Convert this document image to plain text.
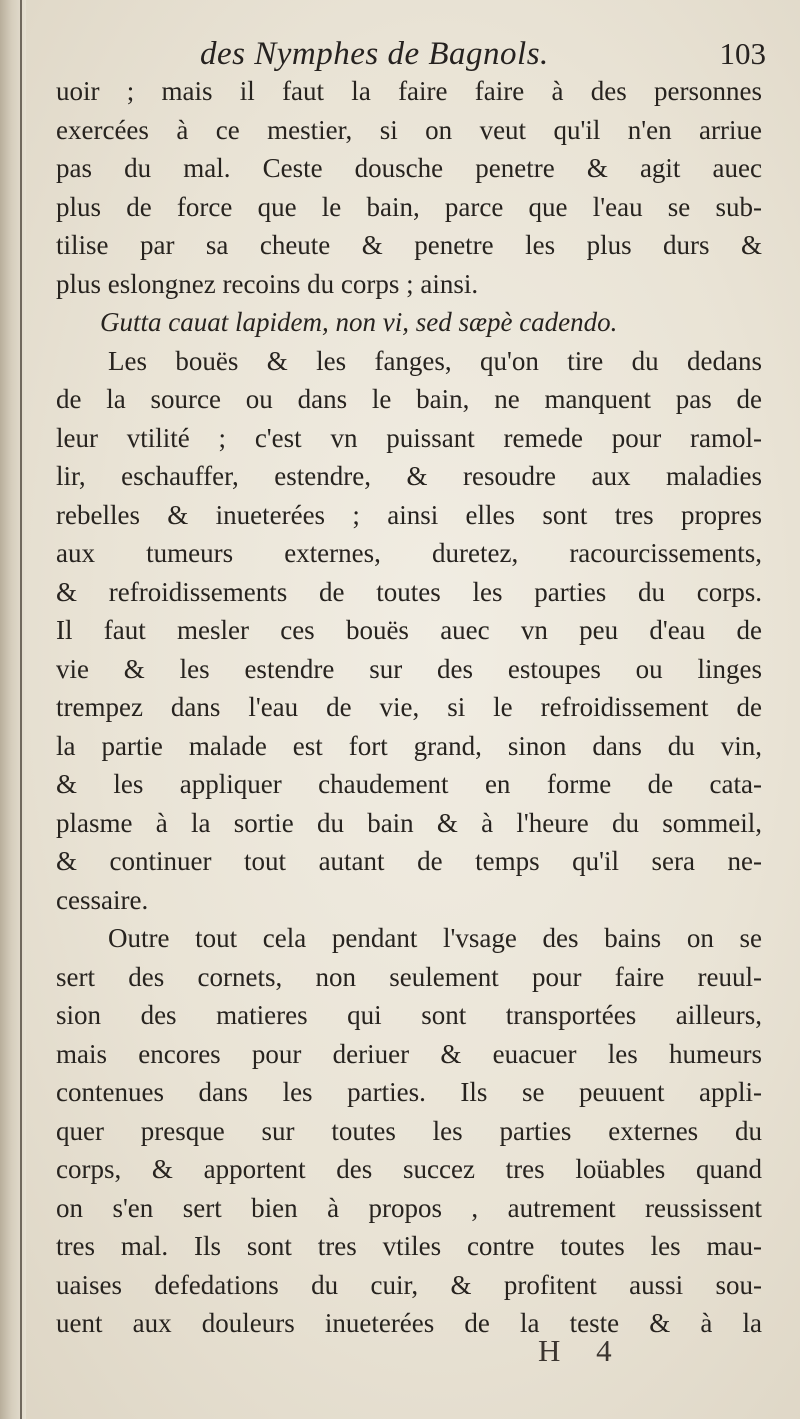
des Nymphes de Bagnols.	103
uoir ; mais il faut la faire faire à des personnes
exercées à ce mestier, si on veut qu'il n'en arriue
pas du mal. Ceste dousche penetre & agit auec
plus de force que le bain, parce que l'eau se sub-
tilise par sa cheute & penetre les plus durs &
plus eslongnez recoins du corps ; ainsi.
Gutta cauat lapidem, non vi, sed sæpè cadendo.
Les bouës & les fanges, qu'on tire du dedans
de la source ou dans le bain, ne manquent pas de
leur vtilité ; c'est vn puissant remede pour ramol-
lir, eschauffer, estendre, & resoudre aux maladies
rebelles & inueterées ; ainsi elles sont tres propres
aux tumeurs externes, duretez, racourcissements,
& refroidissements de toutes les parties du corps.
Il faut mesler ces bouës auec vn peu d'eau de
vie & les estendre sur des estoupes ou linges
trempez dans l'eau de vie, si le refroidissement de
la partie malade est fort grand, sinon dans du vin,
& les appliquer chaudement en forme de cata-
plasme à la sortie du bain & à l'heure du sommeil,
& continuer tout autant de temps qu'il sera ne-
cessaire.
Outre tout cela pendant l'vsage des bains on se
sert des cornets, non seulement pour faire reuul-
sion des matieres qui sont transportées ailleurs,
mais encores pour deriuer & euacuer les humeurs
contenues dans les parties. Ils se peuuent appli-
quer presque sur toutes les parties externes du
corps, & apportent des succez tres loüables quand
on s'en sert bien à propos , autrement reussissent
tres mal. Ils sont tres vtiles contre toutes les mau-
uaises defedations du cuir, & profitent aussi sou-
uent aux douleurs inueterées de la teste & à la
H 4
